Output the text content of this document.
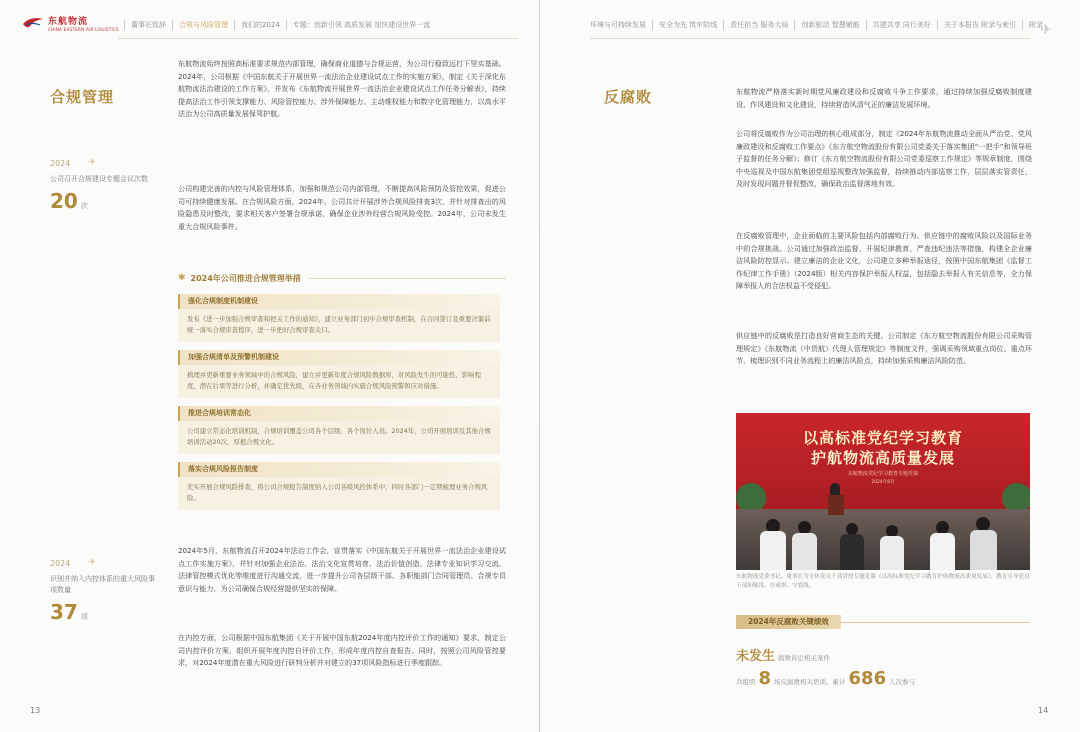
东航物流
CHINA EASTERN AIR LOGISTICS
董事长致辞 合规与风险管理 我们的2024 专题：创新引领 高质发展 加快建设世界一流
合规管理
2024 ✈
公司召开合规建设专题会议次数
20 次
2024 ✈
识别并纳入内控体系的重大风险事项数量
37 项
东航物流始终按照高标准要求规范内部管理，确保商业道德与合规运营，为公司行稳致远打下坚实基础。2024年，公司根据《中国东航关于开展世界一流法治企业建设试点工作的实施方案》，制定《关于深化东航物流法治建设的工作方案》，并发布《东航物流开展世界一流法治企业建设试点工作任务分解表》，持续提高法治工作引领支撑能力、风险管控能力、涉外保障能力、主动维权能力和数字化管理能力，以高水平法治为公司高质量发展保驾护航。
公司构建完善的内控与风险管理体系，加强和规范公司内部管理，不断提高风险预防及管控效果，促进公司可持续健康发展。在合规风险方面，2024年，公司共计开展涉外合规风险排查3次，并针对排查出的风险隐患及时整改，要求相关客户签署合规承诺，确保企业涉外经营合规风险受控。2024年，公司未发生重大合规风险事件。
✱ 2024年公司推进合规管理举措
强化合规制度机制建设
发布《进一步加强合规审查和把关工作的通知》，建立业务部门初步合规审查机制，在合同签订及重要决策前统一落实合规审查程序，进一步把好合规审查关口。
加强合规清单及预警机制建设
梳理并更新重要业务领域中的合规风险，建立并更新年度合规风险数据库，对风险发生的可能性、影响程度、潜在后果等进行分析，并确定优先级，在各业务领域内实施合规风险预警和应对措施。
推进合规培训常态化
公司建立常态化培训机制，合规培训覆盖公司各个层级、各个岗位人员。2024年，公司开展培训及其他合规培训活动20次，厚植合规文化。
落实合规风险报告制度
充实开展合规风险排查，将公司合规报告制度纳入公司各级风控体系中，同时各部门一定期梳理业务合规风险。
2024年5月，东航物流召开2024年法治工作会，宣贯落实《中国东航关于开展世界一流法治企业建设试点工作实施方案》，并针对加强企业法治、法治文化宣贯培育、法治价值创造、法律专业知识学习交流、法律管控模式优化等维度进行沟通交流，进一步提升公司各层级干部、各职能部门合同管理员、合规专员意识与能力，为公司确保合规经营提供坚实的保障。
在内控方面，公司根据中国东航集团《关于开展中国东航2024年度内控评价工作的通知》要求，制定公司内控评价方案，组织开展年度内控自评价工作，形成年度内控自查报告。同时，按照公司风险管控要求，对2024年度潜在重大风险进行研判分析并对建立的37项风险指标进行季度跟踪。
13
环境与可持续发展 安全为先 筑牢防线 责任担当 服务大局 创新驱动 智慧赋能 共建共享 同行美好 关于本报告 附录与索引 附录
反腐败	东航物流严格落实新时期党风廉政建设和反腐败斗争工作要求，通过持续加强反腐败制度建设、作风建设和文化建设，持续营造风清气正的廉洁发展环境。
公司将反腐败作为公司治理的核心组成部分，制定《2024年东航物流推动全面从严治党、党风廉政建设和反腐败工作要点》《东方航空物流股份有限公司党委关于落实集团“一把手”和领导班子监督的任务分解》；修订《东方航空物流股份有限公司党委巡察工作规定》等规章制度，围绕中央巡视及中国东航集团党组巡视整改加强监督，持续推动内部巡察工作，层层落实管责任，及时发现问题并督促整改，确保政治监督落地有效。
在反腐败管理中，企业面临的主要风险包括内部腐败行为、供应链中的腐败风险以及国际业务中的合规挑战。公司通过加强政治监督、开展纪律教育、严查违纪违法等措施，构建全企业廉洁风险防控显示。建立廉洁的企业文化，公司建立多种举报途径，按照中国东航集团《监督工作纪律工作手册》（2024版）相关内容保护举报人权益，包括隐去举报人有关信息等，全力保障举报人的合法权益不受侵犯。
供应链中的反腐败是打造良好营商生态的关键。公司制定《东方航空物流股份有限公司采购管理规定》《东航物流（中货航）代理人管理规定》等制度文件，强调采购领域重点岗位、重点环节，梳理识别不同业务流程上的廉洁风险点，持续加强采购廉洁风险防范。
14
✈
以高标准党纪学习教育
护航物流高质量发展
东航物流党纪学习教育专题党课
2024年6月
东航物流党委书记、董事长为全体党员干部讲授专题党课《以高标准党纪学习教育护航物流高质量发展》，教育引导党员干部知敬畏、存戒惧、守底线。
2024年反腐败关键绩效
未发生 腐败诉讼相关案件
共组织 8 场反腐败相关培训，累计 686 人次参与
